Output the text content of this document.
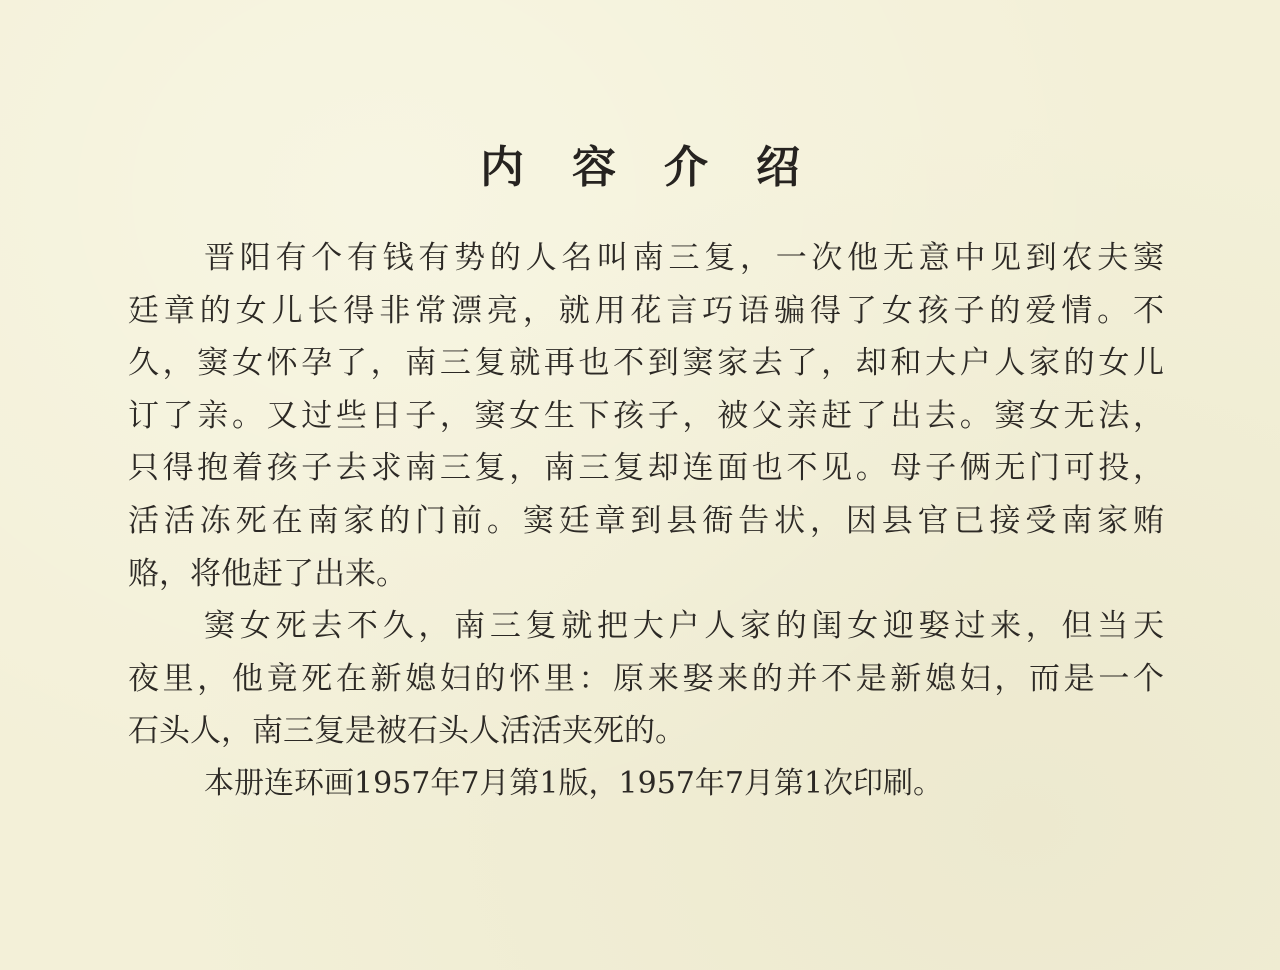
内容介绍
晋阳有个有钱有势的人名叫南三复，一次他无意中见到农夫窦
廷章的女儿长得非常漂亮，就用花言巧语骗得了女孩子的爱情。不
久，窦女怀孕了，南三复就再也不到窦家去了，却和大户人家的女儿
订了亲。又过些日子，窦女生下孩子，被父亲赶了出去。窦女无法，
只得抱着孩子去求南三复，南三复却连面也不见。母子俩无门可投，
活活冻死在南家的门前。窦廷章到县衙告状，因县官已接受南家贿
赂，将他赶了出来。
窦女死去不久，南三复就把大户人家的闺女迎娶过来，但当天
夜里，他竟死在新媳妇的怀里：原来娶来的并不是新媳妇，而是一个
石头人，南三复是被石头人活活夹死的。
本册连环画1957年7月第1版，1957年7月第1次印刷。
